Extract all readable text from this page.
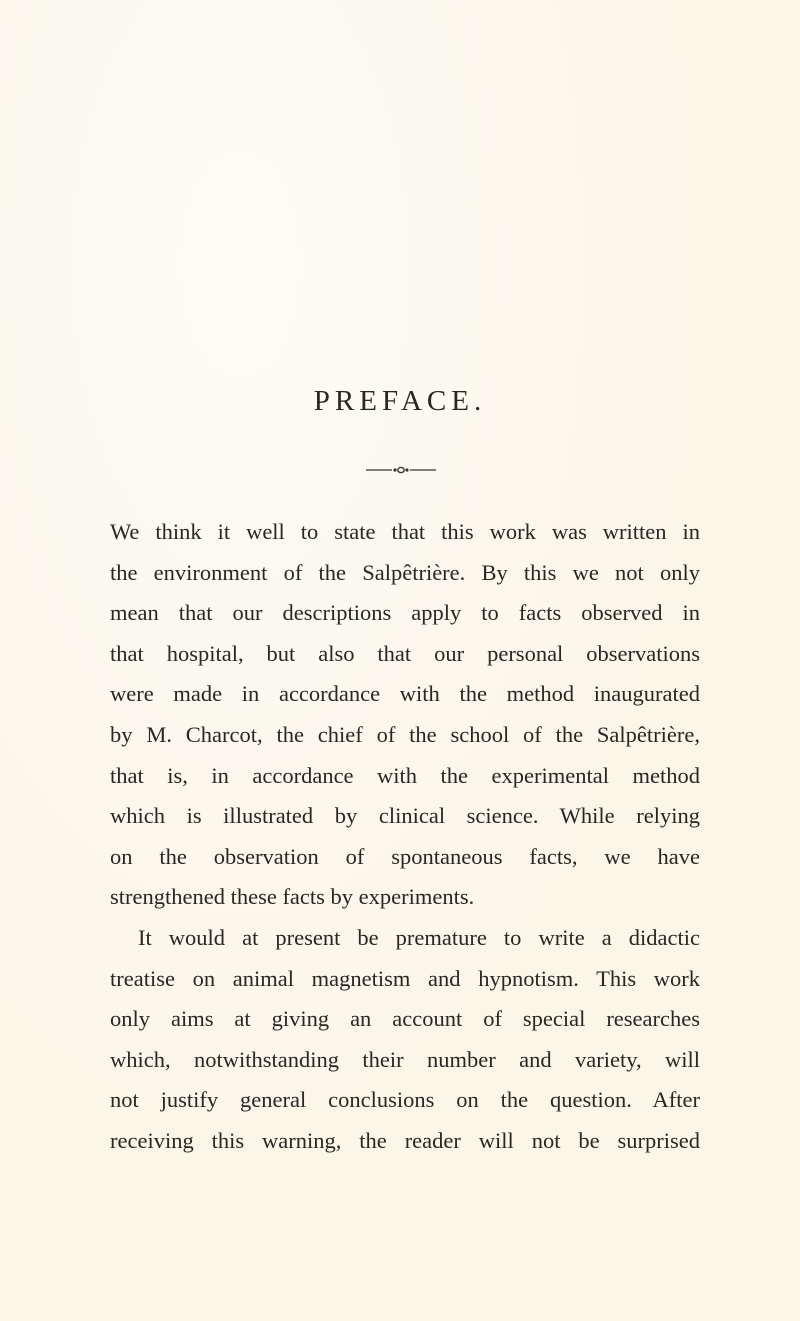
PREFACE.

We think it well to state that this work was written in
the environment of the Salpêtrière. By this we not only
mean that our descriptions apply to facts observed in
that hospital, but also that our personal observations
were made in accordance with the method inaugurated
by M. Charcot, the chief of the school of the Salpêtrière,
that is, in accordance with the experimental method
which is illustrated by clinical science. While relying
on the observation of spontaneous facts, we have
strengthened these facts by experiments.

It would at present be premature to write a didactic
treatise on animal magnetism and hypnotism. This work
only aims at giving an account of special researches
which, notwithstanding their number and variety, will
not justify general conclusions on the question. After
receiving this warning, the reader will not be surprised
